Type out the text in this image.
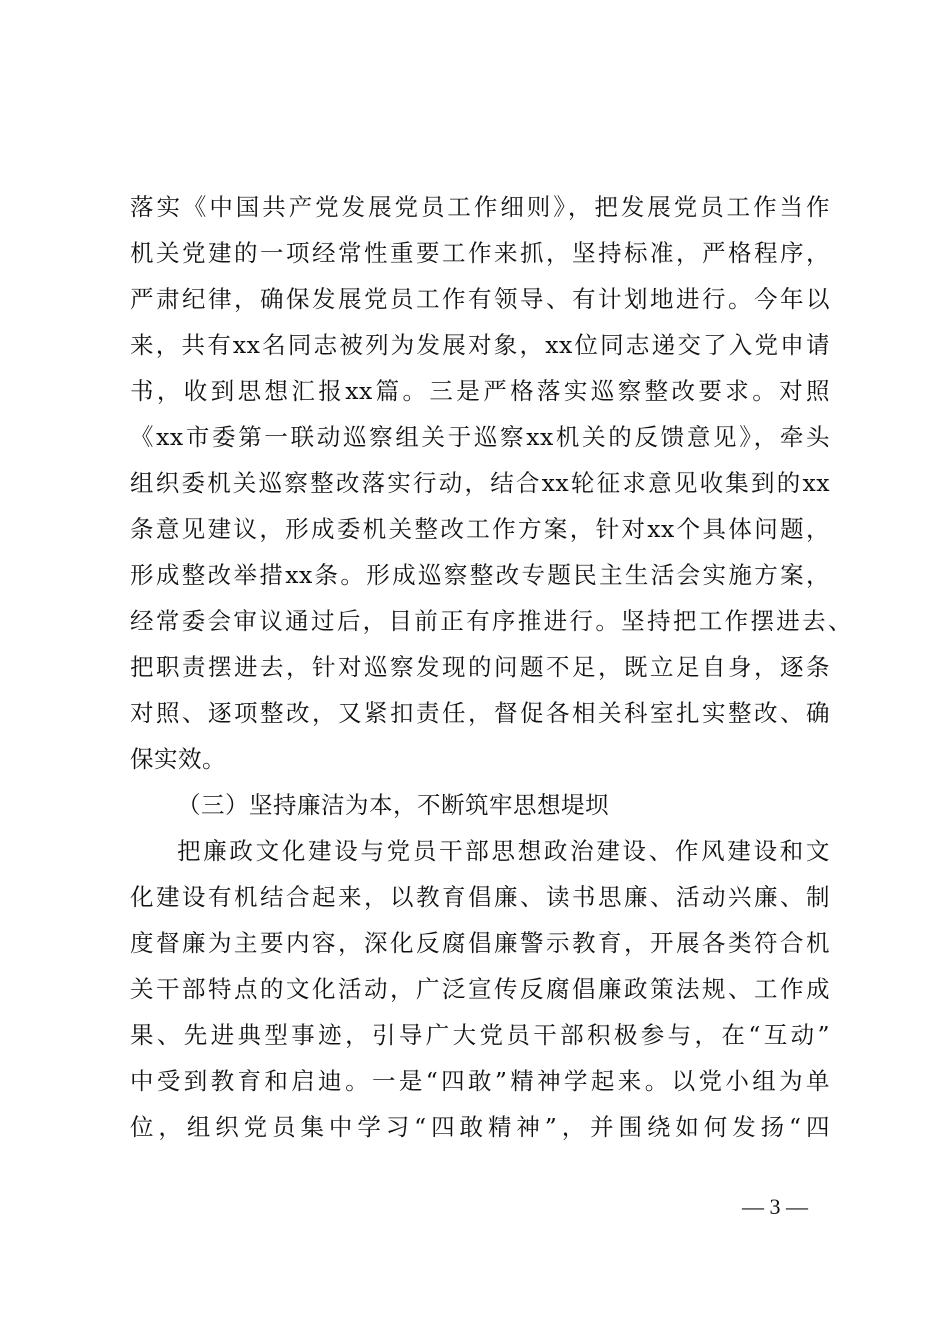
落实《中国共产党发展党员工作细则》，把发展党员工作当作
机关党建的一项经常性重要工作来抓，坚持标准，严格程序，
严肃纪律，确保发展党员工作有领导、有计划地进行。今年以
来，共有xx名同志被列为发展对象，xx位同志递交了入党申请
书，收到思想汇报xx篇。三是严格落实巡察整改要求。对照
《xx市委第一联动巡察组关于巡察xx机关的反馈意见》，牵头
组织委机关巡察整改落实行动，结合xx轮征求意见收集到的xx
条意见建议，形成委机关整改工作方案，针对xx个具体问题，
形成整改举措xx条。形成巡察整改专题民主生活会实施方案，
经常委会审议通过后，目前正有序推进行。坚持把工作摆进去、
把职责摆进去，针对巡察发现的问题不足，既立足自身，逐条
对照、逐项整改，又紧扣责任，督促各相关科室扎实整改、确
保实效。
（三）坚持廉洁为本，不断筑牢思想堤坝
把廉政文化建设与党员干部思想政治建设、作风建设和文
化建设有机结合起来，以教育倡廉、读书思廉、活动兴廉、制
度督廉为主要内容，深化反腐倡廉警示教育，开展各类符合机
关干部特点的文化活动，广泛宣传反腐倡廉政策法规、工作成
果、先进典型事迹，引导广大党员干部积极参与，在“互动”
中受到教育和启迪。一是“四敢”精神学起来。以党小组为单
位，组织党员集中学习“四敢精神”，并围绕如何发扬“四
— 3 —
